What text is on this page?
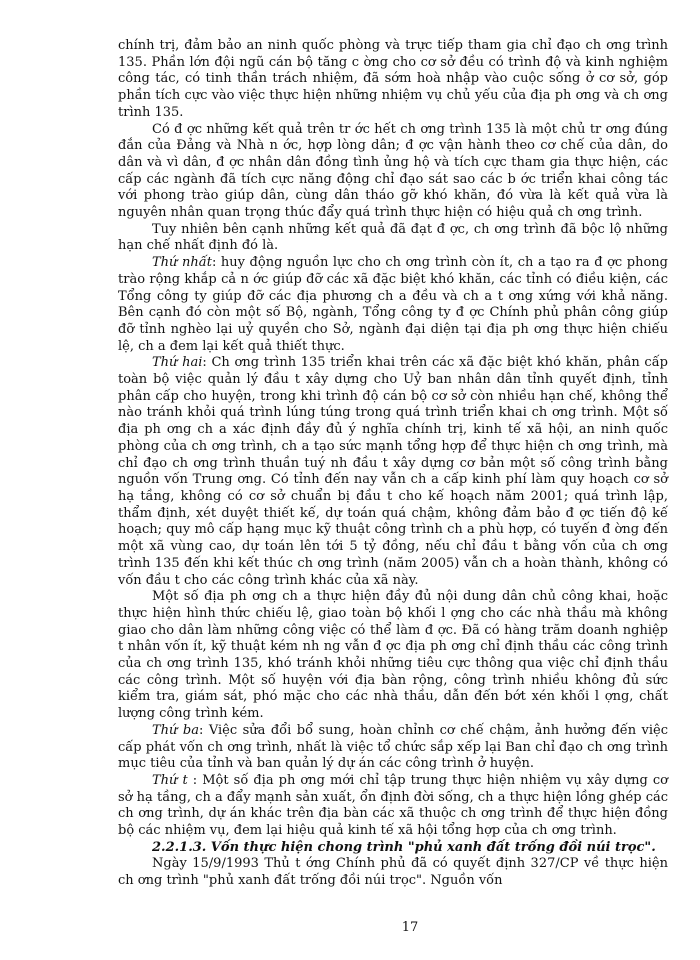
chính trị, đảm bảo an ninh quốc phòng và trực tiếp tham gia chỉ đạo ch ơng trình 135. Phần lớn đội ngũ cán bộ tăng c ờng cho cơ sở đều có trình độ và kinh nghiệm công tác, có tinh thần trách nhiệm, đã sớm hoà nhập vào cuộc sống ở cơ sở, góp phần tích cực vào việc thực hiện những nhiệm vụ chủ yếu của địa ph ơng và ch ơng trình 135.

Có đ ợc những kết quả trên tr ớc hết ch ơng trình 135 là một chủ tr ơng đúng đắn của Đảng và Nhà n ớc, hợp lòng dân; đ ợc vận hành theo cơ chế của dân, do dân và vì dân, đ ợc nhân dân đồng tình ủng hộ và tích cực tham gia thực hiện, các cấp các ngành đã tích cực năng động chỉ đạo sát sao các b ớc triển khai công tác với phong trào giúp dân, cùng dân tháo gỡ khó khăn, đó vừa là kết quả vừa là nguyên nhân quan trọng thúc đẩy quá trình thực hiện có hiệu quả ch ơng trình.

Tuy nhiên bên cạnh những kết quả đã đạt đ ợc, ch ơng trình đã bộc lộ những hạn chế nhất định đó là.

Thứ nhất: huy động nguồn lực cho ch ơng trình còn ít, ch a tạo ra đ ợc phong trào rộng khắp cả n ớc giúp đỡ các xã đặc biệt khó khăn, các tỉnh có điều kiện, các Tổng công ty giúp đỡ các địa phương ch a đều và ch a t ơng xứng với khả năng. Bên cạnh đó còn một số Bộ, ngành, Tổng công ty đ ợc Chính phủ phân công giúp đỡ tỉnh nghèo lại uỷ quyền cho Sở, ngành đại diện tại địa ph ơng thực hiện chiếu lệ, ch a đem lại kết quả thiết thực.

Thứ hai: Ch ơng trình 135 triển khai trên các xã đặc biệt khó khăn, phân cấp toàn bộ việc quản lý đầu t xây dựng cho Uỷ ban nhân dân tỉnh quyết định, tỉnh phân cấp cho huyện, trong khi trình độ cán bộ cơ sở còn nhiều hạn chế, không thể nào tránh khỏi quá trình lúng túng trong quá trình triển khai ch ơng trình. Một số địa ph ơng ch a xác định đầy đủ ý nghĩa chính trị, kinh tế xã hội, an ninh quốc phòng của ch ơng trình, ch a tạo sức mạnh tổng hợp để thực hiện ch ơng trình, mà chỉ đạo ch ơng trình thuần tuý nh đầu t xây dựng cơ bản một số công trình bằng nguồn vốn Trung ơng. Có tỉnh đến nay vẫn ch a cấp kinh phí làm quy hoạch cơ sở hạ tầng, không có cơ sở chuẩn bị đầu t cho kế hoạch năm 2001; quá trình lập, thẩm định, xét duyệt thiết kế, dự toán quá chậm, không đảm bảo đ ợc tiến độ kế hoạch; quy mô cấp hạng mục kỹ thuật công trình ch a phù hợp, có tuyến đ ờng đến một xã vùng cao, dự toán lên tới 5 tỷ đồng, nếu chỉ đầu t bằng vốn của ch ơng trình 135 đến khi kết thúc ch ơng trình (năm 2005) vẫn ch a hoàn thành, không có vốn đầu t cho các công trình khác của xã này.

Một số địa ph ơng ch a thực hiện đầy đủ nội dung dân chủ công khai, hoặc thực hiện hình thức chiếu lệ, giao toàn bộ khối l ợng cho các nhà thầu mà không giao cho dân làm những công việc có thể làm đ ợc. Đã có hàng trăm doanh nghiệp t nhân vốn ít, kỹ thuật kém nh ng vẫn đ ợc địa ph ơng chỉ định thầu các công trình của ch ơng trình 135, khó tránh khỏi những tiêu cực thông qua việc chỉ định thầu các công trình. Một số huyện với địa bàn rộng, công trình nhiều không đủ sức kiểm tra, giám sát, phó mặc cho các nhà thầu, dẫn đến bớt xén khối l ợng, chất lượng công trình kém.

Thứ ba: Việc sửa đổi bổ sung, hoàn chỉnh cơ chế chậm, ảnh hưởng đến việc cấp phát vốn ch ơng trình, nhất là việc tổ chức sắp xếp lại Ban chỉ đạo ch ơng trình mục tiêu của tỉnh và ban quản lý dự án các công trình ở huyện.

Thứ t : Một số địa ph ơng mới chỉ tập trung thực hiện nhiệm vụ xây dựng cơ sở hạ tầng, ch a đẩy mạnh sản xuất, ổn định đời sống, ch a thực hiện lồng ghép các ch ơng trình, dự án khác trên địa bàn các xã thuộc ch ơng trình để thực hiện đồng bộ các nhiệm vụ, đem lại hiệu quả kinh tế xã hội tổng hợp của ch ơng trình.

2.2.1.3. Vốn thực hiện chong trình "phủ xanh đất trống đồi núi trọc".

Ngày 15/9/1993 Thủ t ớng Chính phủ đã có quyết định 327/CP về thực hiện ch ơng trình "phủ xanh đất trống đồi núi trọc". Nguồn vốn

17
